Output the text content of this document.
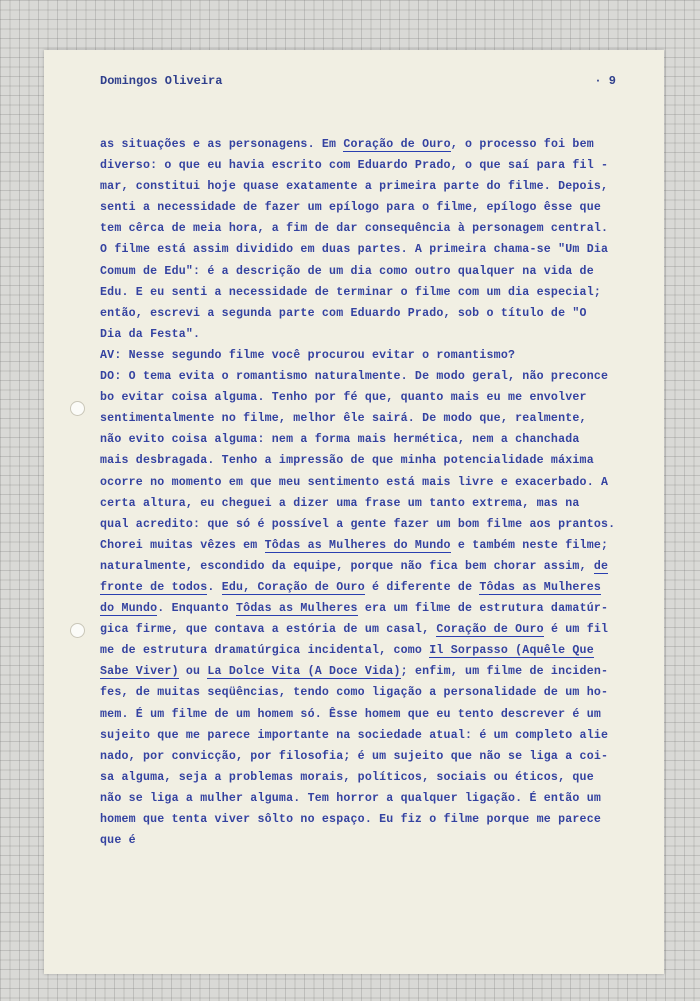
Domingos Oliveira	· 9
as situações e as personagens. Em Coração de Ouro, o processo foi bem
diverso: o que eu havia escrito com Eduardo Prado, o que saí para fil -
mar, constitui hoje quase exatamente a primeira parte do filme. Depois,
senti a necessidade de fazer um epílogo para o filme, epílogo êsse que
tem cêrca de meia hora, a fim de dar consequência à personagem central.
O filme está assim dividido em duas partes. A primeira chama-se "Um Dia
Comum de Edu": é a descrição de um dia como outro qualquer na vida de
Edu. E eu senti a necessidade de terminar o filme com um dia especial;
então, escrevi a segunda parte com Eduardo Prado, sob o título de "O
Dia da Festa".
AV: Nesse segundo filme você procurou evitar o romantismo?
DO: O tema evita o romantismo naturalmente. De modo geral, não preconce
bo evitar coisa alguma. Tenho por fé que, quanto mais eu me envolver
sentimentalmente no filme, melhor êle sairá. De modo que, realmente,
não evito coisa alguma: nem a forma mais hermética, nem a chanchada
mais desbragada. Tenho a impressão de que minha potencialidade máxima
ocorre no momento em que meu sentimento está mais livre e exacerbado. A
certa altura, eu cheguei a dizer uma frase um tanto extrema, mas na
qual acredito: que só é possível a gente fazer um bom filme aos prantos.
Chorei muitas vêzes em Tôdas as Mulheres do Mundo e também neste filme;
naturalmente, escondido da equipe, porque não fica bem chorar assim, de
fronte de todos. Edu, Coração de Ouro é diferente de Tôdas as Mulheres
do Mundo. Enquanto Tôdas as Mulheres era um filme de estrutura damatúr-
gica firme, que contava a estória de um casal, Coração de Ouro é um fil
me de estrutura dramatúrgica incidental, como Il Sorpasso (Aquêle Que
Sabe Viver) ou La Dolce Vita (A Doce Vida); enfim, um filme de inciden-
fes, de muitas seqüências, tendo como ligação a personalidade de um ho-
mem. É um filme de um homem só. Êsse homem que eu tento descrever é um
sujeito que me parece importante na sociedade atual: é um completo alie
nado, por convicção, por filosofia; é um sujeito que não se liga a coi-
sa alguma, seja a problemas morais, políticos, sociais ou éticos, que
não se liga a mulher alguma. Tem horror a qualquer ligação. É então um
homem que tenta viver sôlto no espaço. Eu fiz o filme porque me parece
que é
